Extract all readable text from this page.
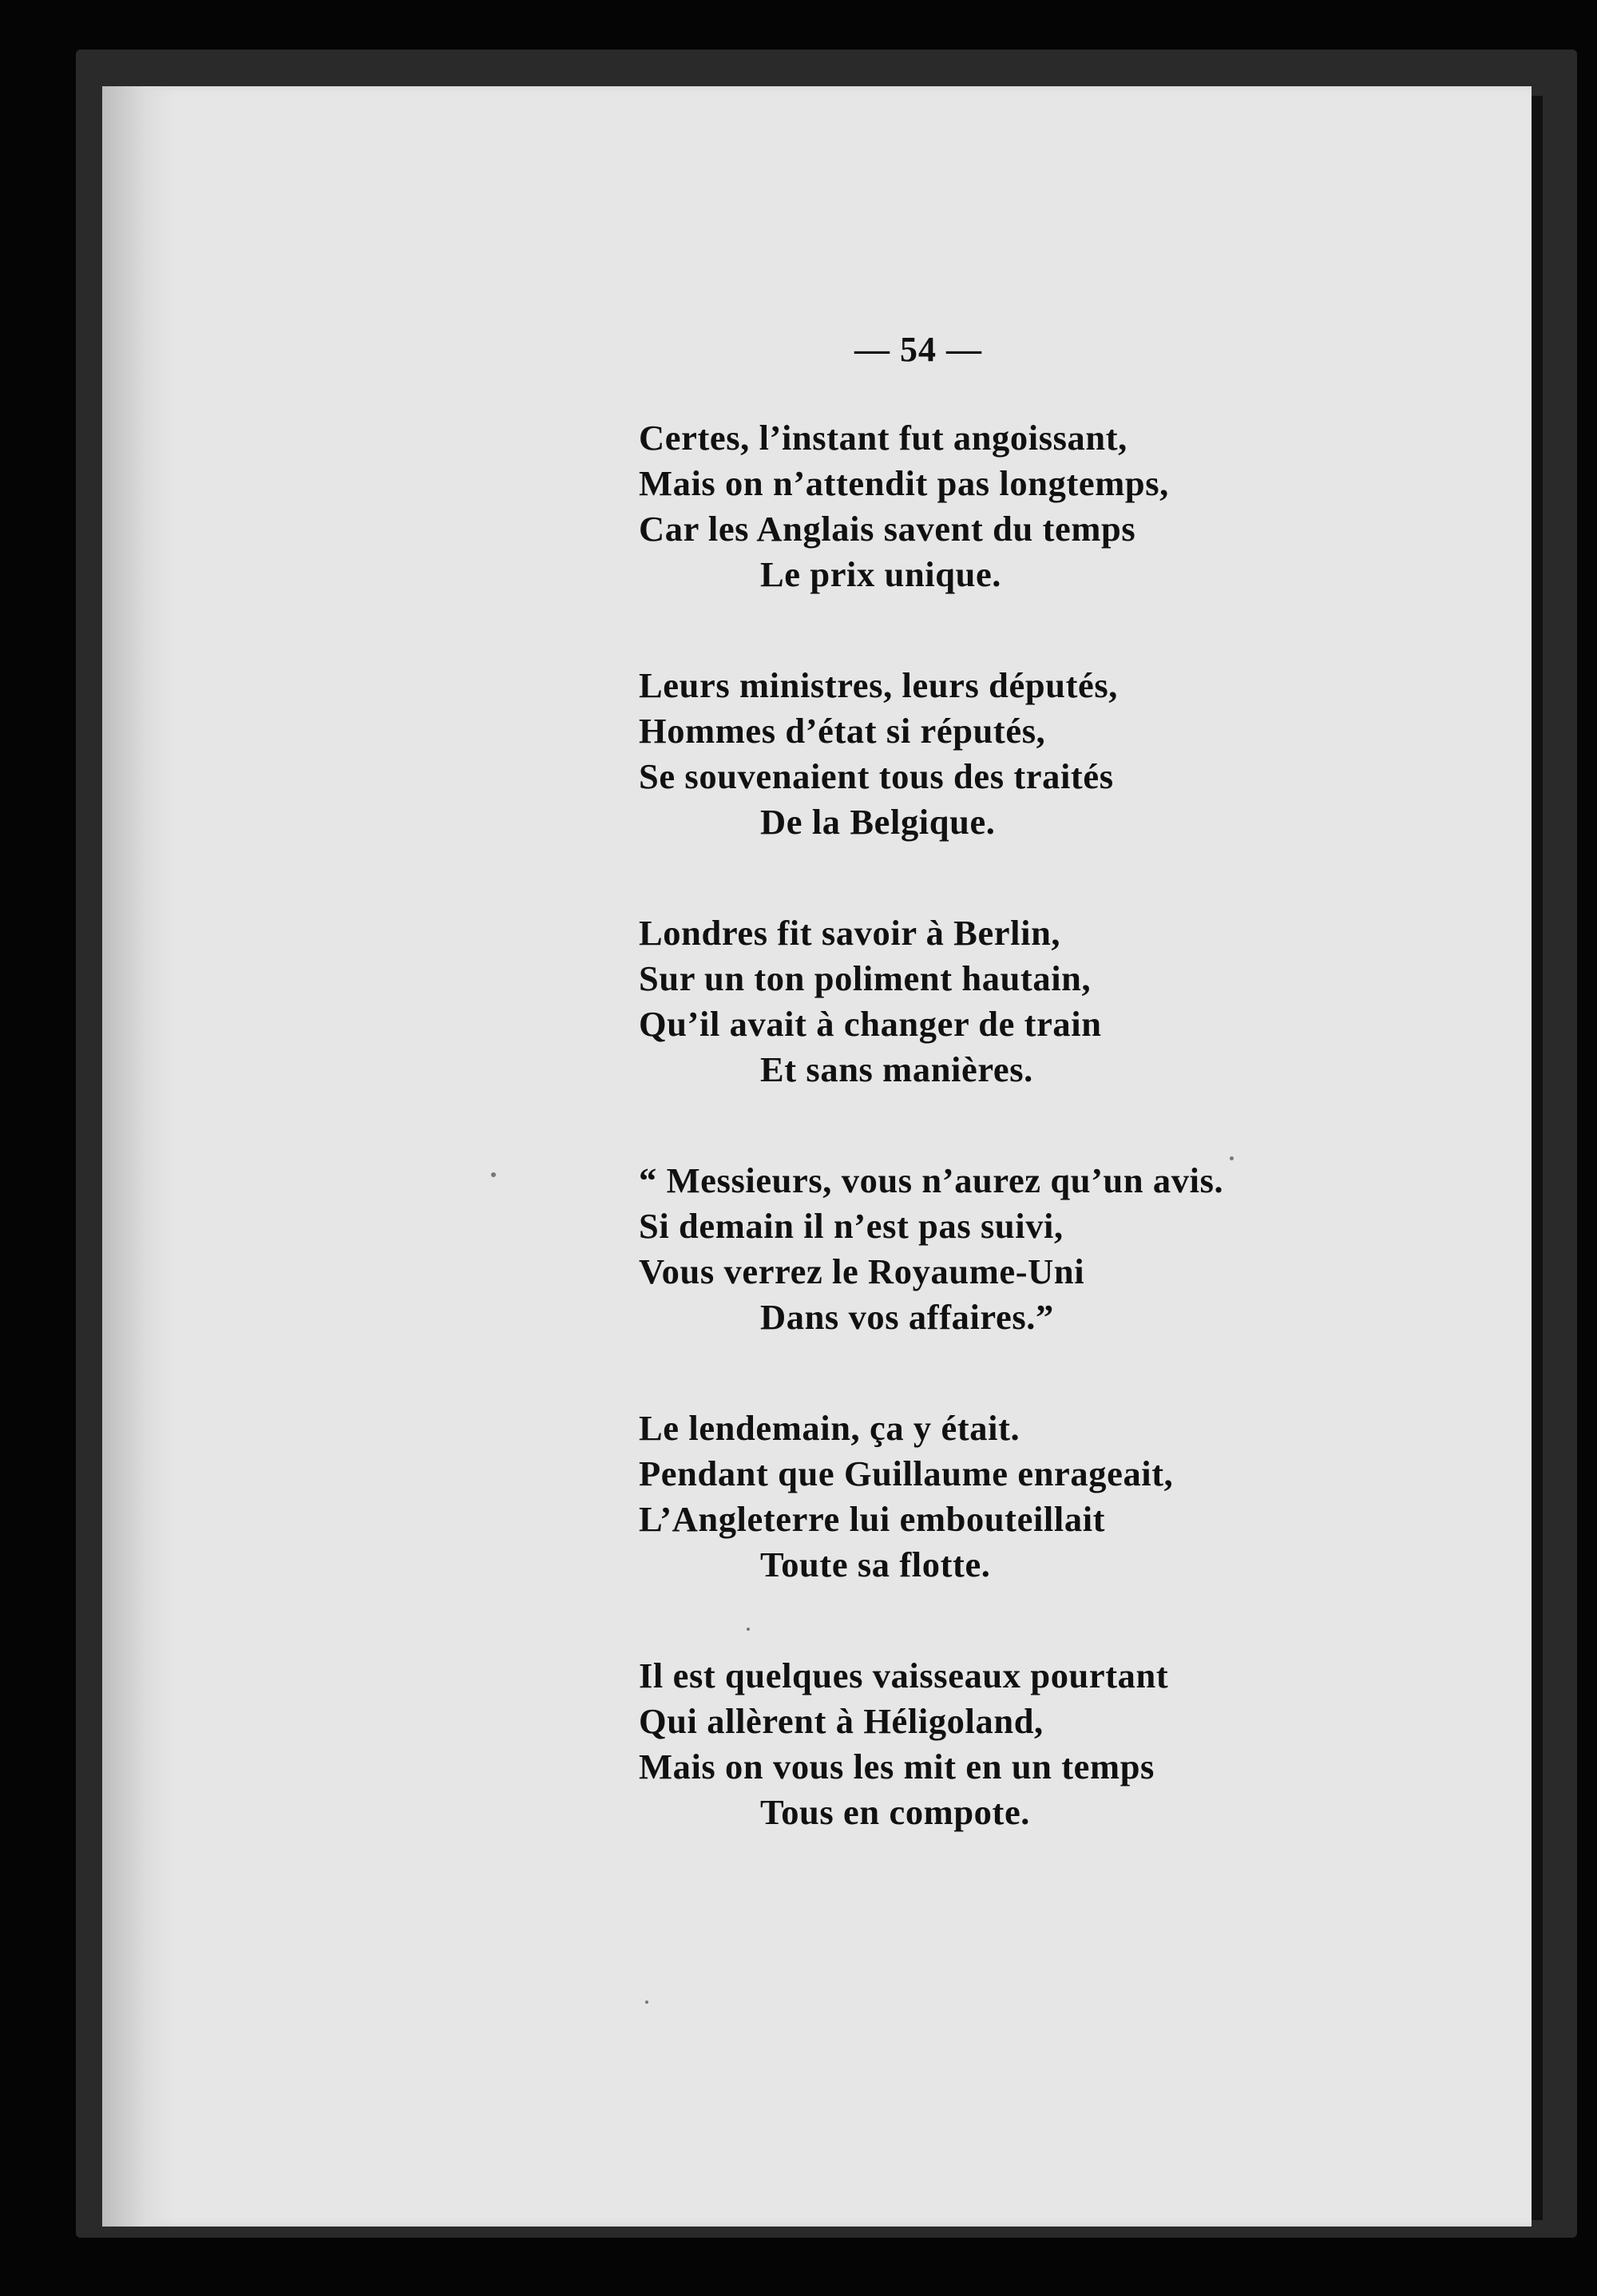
— 54 —
Certes, l’instant fut angoissant,
Mais on n’attendit pas longtemps,
Car les Anglais savent du temps
Le prix unique.
Leurs ministres, leurs députés,
Hommes d’état si réputés,
Se souvenaient tous des traités
De la Belgique.
Londres fit savoir à Berlin,
Sur un ton poliment hautain,
Qu’il avait à changer de train
Et sans manières.
“ Messieurs, vous n’aurez qu’un avis.
Si demain il n’est pas suivi,
Vous verrez le Royaume-Uni
Dans vos affaires.”
Le lendemain, ça y était.
Pendant que Guillaume enrageait,
L’Angleterre lui embouteillait
Toute sa flotte.
Il est quelques vaisseaux pourtant
Qui allèrent à Héligoland,
Mais on vous les mit en un temps
Tous en compote.
